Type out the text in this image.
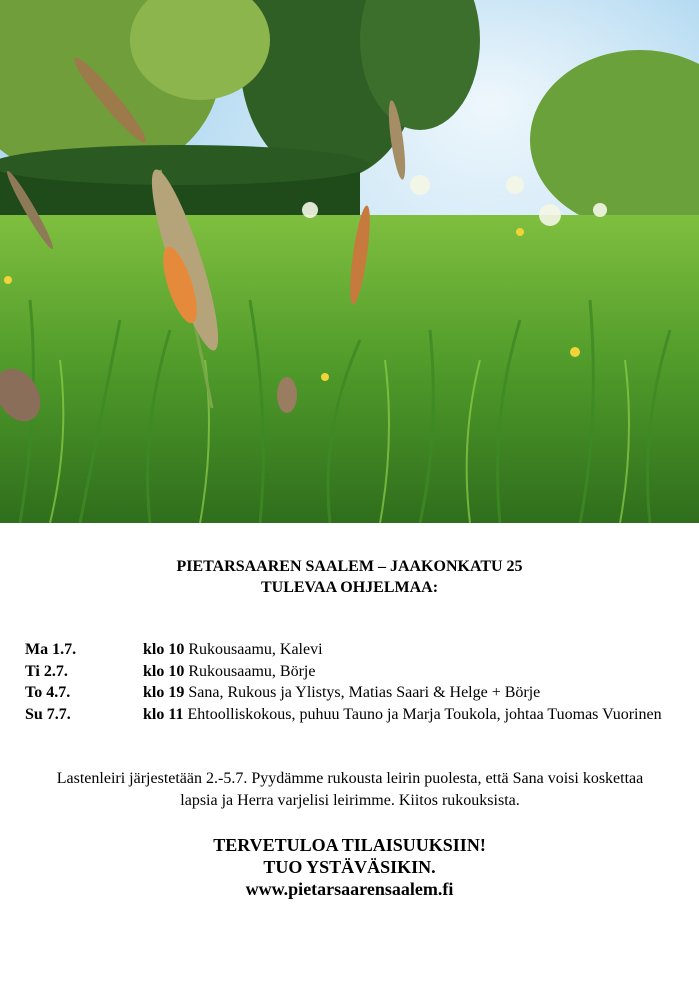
PIETARSAAREN SAALEM – JAAKONKATU 25
TULEVAA OHJELMAA:
Ma 1.7.	klo 10 Rukousaamu, Kalevi
Ti 2.7.	klo 10 Rukousaamu, Börje
To 4.7.	klo 19 Sana, Rukous ja Ylistys, Matias Saari & Helge + Börje
Su 7.7.	klo 11 Ehtoolliskokous, puhuu Tauno ja Marja Toukola, johtaa Tuomas Vuorinen
Lastenleiri järjestetään 2.-5.7. Pyydämme rukousta leirin puolesta, että Sana voisi koskettaa lapsia ja Herra varjelisi leirimme. Kiitos rukouksista.
TERVETULOA TILAISUUKSIIN!
TUO YSTÄVÄSIKIN.
www.pietarsaarensaalem.fi
